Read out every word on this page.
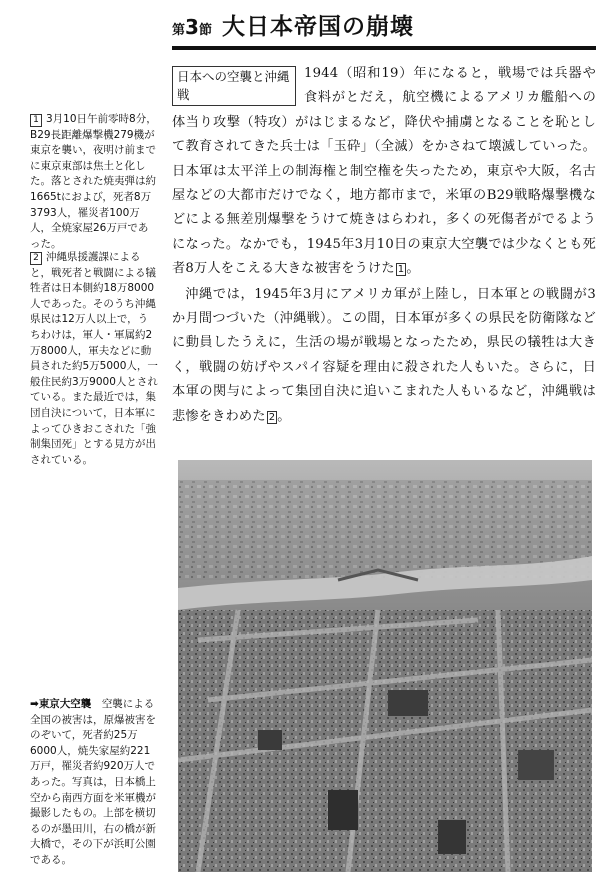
第3節 大日本帝国の崩壊
日本への空襲と沖縄戦

1944（昭和19）年になると，戦場では兵器や食料がとだえ，航空機によるアメリカ艦船への体当り攻撃（特攻）がはじまるなど，降伏や捕虜となることを恥として教育されてきた兵士は「玉砕」（全滅）をかさねて壊滅していった。日本軍は太平洋上の制海権と制空権を失ったため，東京や大阪，名古屋などの大都市だけでなく，地方都市まで，米軍のB29戦略爆撃機などによる無差別爆撃をうけて焼きはらわれ，多くの死傷者がでるようになった。なかでも，1945年3月10日の東京大空襲では少なくとも死者8万人をこえる大きな被害をうけた 1 。

沖縄では，1945年3月にアメリカ軍が上陸し，日本軍との戦闘が3か月間つづいた（沖縄戦）。この間，日本軍が多くの県民を防衛隊などに動員したうえに，生活の場が戦場となったため，県民の犠牲は大きく，戦闘の妨げやスパイ容疑を理由に殺された人もいた。さらに，日本軍の関与によって集団自決に追いこまれた人もいるなど，沖縄戦は悲惨をきわめた 2 。

1 3月10日午前零時8分，B29長距離爆撃機279機が東京を襲い，夜明け前までに東京東部は焦土と化した。落とされた焼夷弾は約1665tにおよび，死者8万3793人，罹災者100万人，全焼家屋26万戸であった。
2 沖縄県援護課によると，戦死者と戦闘による犠牲者は日本側約18万8000人であった。そのうち沖縄県民は12万人以上で，うちわけは，軍人・軍属約2万8000人，軍夫などに動員された約5万5000人，一般住民約3万9000人とされている。また最近では，集団自決について，日本軍によってひきおこされた「強制集団死」とする見方が出されている。
➡東京大空襲　 空襲による全国の被害は，原爆被害をのぞいて，死者約25万6000人，焼失家屋約221万戸，罹災者約920万人であった。写真は，日本橋上空から南西方面を米軍機が撮影したもの。上部を横切るのが墨田川，右の橋が新大橋で，その下が浜町公園である。
